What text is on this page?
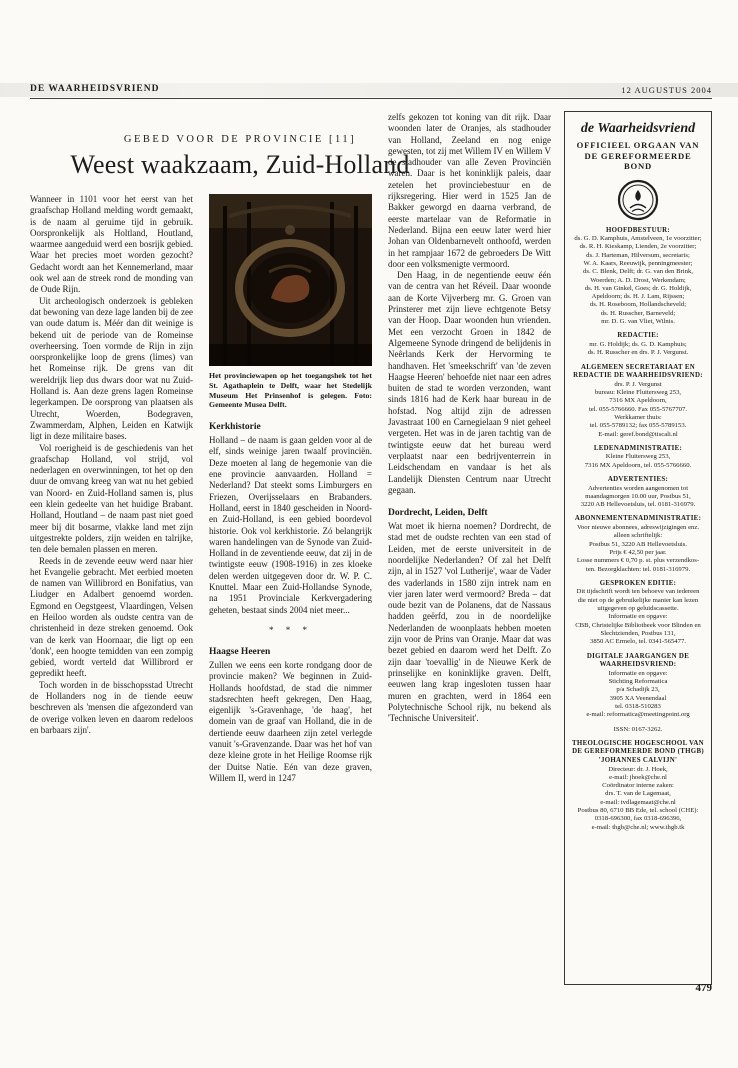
DE WAARHEIDSVRIEND	12 AUGUSTUS 2004
GEBED VOOR DE PROVINCIE [11]
Weest waakzaam, Zuid-Holland

Wanneer in 1101 voor het eerst van het graafschap Holland melding wordt gemaakt, is de naam al geruime tijd in gebruik. Oorspronkelijk als Holtland, Houtland, waarmee aangeduid werd een bosrijk gebied. Waar het precies moet worden gezocht? Gedacht wordt aan het Kennemerland, maar ook wel aan de streek rond de monding van de Oude Rijn.

Uit archeologisch onderzoek is gebleken dat bewoning van deze lage landen bij de zee van oude datum is. Méér dan dit weinige is bekend uit de periode van de Romeinse overheersing. Toen vormde de Rijn in zijn oorspronkelijke loop de grens (limes) van het Romeinse rijk. De grens van dit wereldrijk liep dus dwars door wat nu Zuid-Holland is. Aan deze grens lagen Romeinse legerkampen. De oorsprong van plaatsen als Utrecht, Woerden, Bodegraven, Zwammerdam, Alphen, Leiden en Katwijk ligt in deze militaire bases.

Vol roerigheid is de geschiedenis van het graafschap Holland, vol strijd, vol nederlagen en overwinningen, tot het op den duur de omvang kreeg van wat nu het gebied van Noord- en Zuid-Holland samen is, plus een klein gedeelte van het huidige Brabant. Holland, Houtland – de naam past niet goed meer bij dit bosarme, vlakke land met zijn uitgestrekte polders, zijn weiden en talrijke, ten dele bemalen plassen en meren.

Reeds in de zevende eeuw werd naar hier het Evangelie gebracht. Met eerbied moeten de namen van Willibrord en Bonifatius, van Liudger en Adalbert genoemd worden. Egmond en Oegstgeest, Vlaardingen, Velsen en Heiloo worden als oudste centra van de christenheid in deze streken genoemd. Ook van de kerk van Hoornaar, die ligt op een 'donk', een hoogte temidden van een zompig gebied, wordt verteld dat Willibrord er gepredikt heeft.

Toch worden in de bisschopsstad Utrecht de Hollanders nog in de tiende eeuw beschreven als 'mensen die afgezonderd van de overige volken leven en daarom redeloos en barbaars zijn'.

Het provinciewapen op het toegangshek tot het St. Agathaplein te Delft, waar het Stedelijk Museum Het Prinsenhof is gelegen. Foto: Gemeente Musea Delft.
Kerkhistorie

Holland – de naam is gaan gelden voor al de elf, sinds weinige jaren twaalf provinciën. Deze moeten al lang de hegemonie van die ene provincie aanvaarden. Holland = Nederland? Dat steekt soms Limburgers en Friezen, Overijsselaars en Brabanders. Holland, eerst in 1840 gescheiden in Noord- en Zuid-Holland, is een gebied boordevol historie. Ook vol kerkhistorie. Zó belangrijk waren handelingen van de Synode van Zuid-Holland in de zeventiende eeuw, dat zij in de twintigste eeuw (1908-1916) in zes kloeke delen werden uitgegeven door dr. W. P. C. Knuttel. Maar een Zuid-Hollandse Synode, na 1951 Provinciale Kerkvergadering geheten, bestaat sinds 2004 niet meer...

* * *
Haagse Heeren

Zullen we eens een korte rondgang door de provincie maken? We beginnen in Zuid-Hollands hoofdstad, de stad die nimmer stadsrechten heeft gekregen, Den Haag, eigenlijk 's-Gravenhage, 'de haag', het domein van de graaf van Holland, die in de dertiende eeuw daarheen zijn zetel verlegde vanuit 's-Gravenzande. Daar was het hof van deze kleine grote in het Heilige Roomse rijk der Duitse Natie. Eén van deze graven, Willem II, werd in 1247

zelfs gekozen tot koning van dit rijk. Daar woonden later de Oranjes, als stadhouder van Holland, Zeeland en nog enige gewesten, tot zij met Willem IV en Willem V de stadhouder van alle Zeven Provinciën waren. Daar is het koninklijk paleis, daar zetelen het provinciebestuur en de rijksregering. Hier werd in 1525 Jan de Bakker geworgd en daarna verbrand, de eerste martelaar van de Reformatie in Nederland. Bijna een eeuw later werd hier Johan van Oldenbarnevelt onthoofd, werden in het rampjaar 1672 de gebroeders De Witt door een volksmenigte vermoord.

Den Haag, in de negentiende eeuw één van de centra van het Réveil. Daar woonde aan de Korte Vijverberg mr. G. Groen van Prinsterer met zijn lieve echtgenote Betsy van der Hoop. Daar woonden hun vrienden. Met een verzocht Groen in 1842 de Algemeene Synode dringend de belijdenis in Neêrlands Kerk der Hervorming te handhaven. Het 'smeekschrift' van 'de zeven Haagse Heeren' behoefde niet naar een adres buiten de stad te worden verzonden, want sinds 1816 had de Kerk haar bureau in de hofstad. Nog altijd zijn de adressen Javastraat 100 en Carnegielaan 9 niet geheel vergeten. Het was in de jaren tachtig van de twintigste eeuw dat het bureau werd verplaatst naar een bedrijventerrein in Leidschendam en vandaar is het als Landelijk Diensten Centrum naar Utrecht gegaan.

Dordrecht, Leiden, Delft

Wat moet ik hierna noemen? Dordrecht, de stad met de oudste rechten van een stad of Leiden, met de eerste universiteit in de noordelijke Nederlanden? Of zal het Delft zijn, al in 1527 'vol Lutherije', waar de Vader des vaderlands in 1580 zijn intrek nam en vier jaren later werd vermoord? Breda – dat oude bezit van de Polanens, dat de Nassaus hadden geërfd, zou in de noordelijke Nederlanden de woonplaats hebben moeten zijn voor de Prins van Oranje. Maar dat was bezet gebied en daarom werd het Delft. Zo zijn daar 'toevallig' in de Nieuwe Kerk de prinselijke en koninklijke graven. Delft, eeuwen lang krap ingesloten tussen haar muren en grachten, werd in 1864 een Polytechnische School rijk, nu bekend als 'Technische Universiteit'.

de Waarheidsvriend
OFFICIEEL ORGAAN VAN DE GEREFORMEERDE BOND
HOOFDBESTUUR:
ds. G. D. Kamphuis, Amstelveen, 1e voorzitter;
ds. R. H. Kieskamp, Lienden, 2e voorzitter;
ds. J. Harteman, Hilversum, secretaris;
W. A. Kaars, Reeuwijk, penningmeester;
ds. C. Blenk, Delft; dr. G. van den Brink,
Woerden; A. D. Drost, Werkendam;
ds. H. van Ginkel, Goes; dr. G. Holdijk,
Apeldoorn; ds. H. J. Lam, Rijssen;
ds. H. Roseboom, Hollandscheveld;
ds. H. Russcher, Barneveld;
mr. D. G. van Vliet, Wilnis.
REDACTIE:
mr. G. Holdijk; ds. G. D. Kamphuis;
ds. H. Russcher en drs. P. J. Vergunst.
ALGEMEEN SECRETARIAAT EN REDACTIE DE WAARHEIDSVRIEND:
drs. P. J. Vergunst
bureau: Kleine Fluitersweg 253,
7316 MX Apeldoorn,
tel. 055-5766660. Fax 055-5767707.
Werkkamer thuis:
tel. 055-5789132; fax 055-5789153.
E-mail: geref.bond@tiscali.nl
LEDENADMINISTRATIE:
Kleine Fluitersweg 253,
7316 MX Apeldoorn, tel. 055-5766660.
ADVERTENTIES:
Advertenties worden aangenomen tot
maandagmorgen 10.00 uur, Postbus 51,
3220 AB Hellevoetsluis, tel. 0181-316979.
ABONNEMENTENADMINISTRATIE:
Voor nieuwe abonnees, adreswijzigingen enz.
alleen schriftelijk:
Postbus 51, 3220 AB Hellevoetsluis.
Prijs € 42,50 per jaar.
Losse nummers € 0,70 p. st. plus verzendkos-
ten. Bezorgklachten: tel. 0181-316979.
GESPROKEN EDITIE:
Dit tijdschrift wordt ten behoeve van iedereen
die niet op de gebruikelijke manier kan lezen
uitgegeven op geluidscassette.
Informatie en opgave:
CBB, Christelijke Bibliotheek voor Blinden en
Slechtzienden, Postbus 131,
3850 AC Ermelo, tel. 0341-565477.
DIGITALE JAARGANGEN DE WAARHEIDSVRIEND:
Informatie en opgave:
Stichting Reformatica
p/a Schadijk 23,
3905 XA Veenendaal
tel. 0318-510283
e-mail: reformatica@meetingpoint.org
ISSN: 0167-3262.
THEOLOGISCHE HOGESCHOOL VAN DE GEREFORMEERDE BOND (THGB) 'JOHANNES CALVIJN'
Directeur: dr. J. Hoek,
e-mail: jhoek@che.nl
Coördinator interne zaken:
drs. T. van de Lagemaat,
e-mail: tvdlagemaat@che.nl
Postbus 80, 6710 BB Ede, tel. school (CHE):
0318-696300, fax 0318-696396,
e-mail: thgb@che.nl; www.thgb.tk
479
